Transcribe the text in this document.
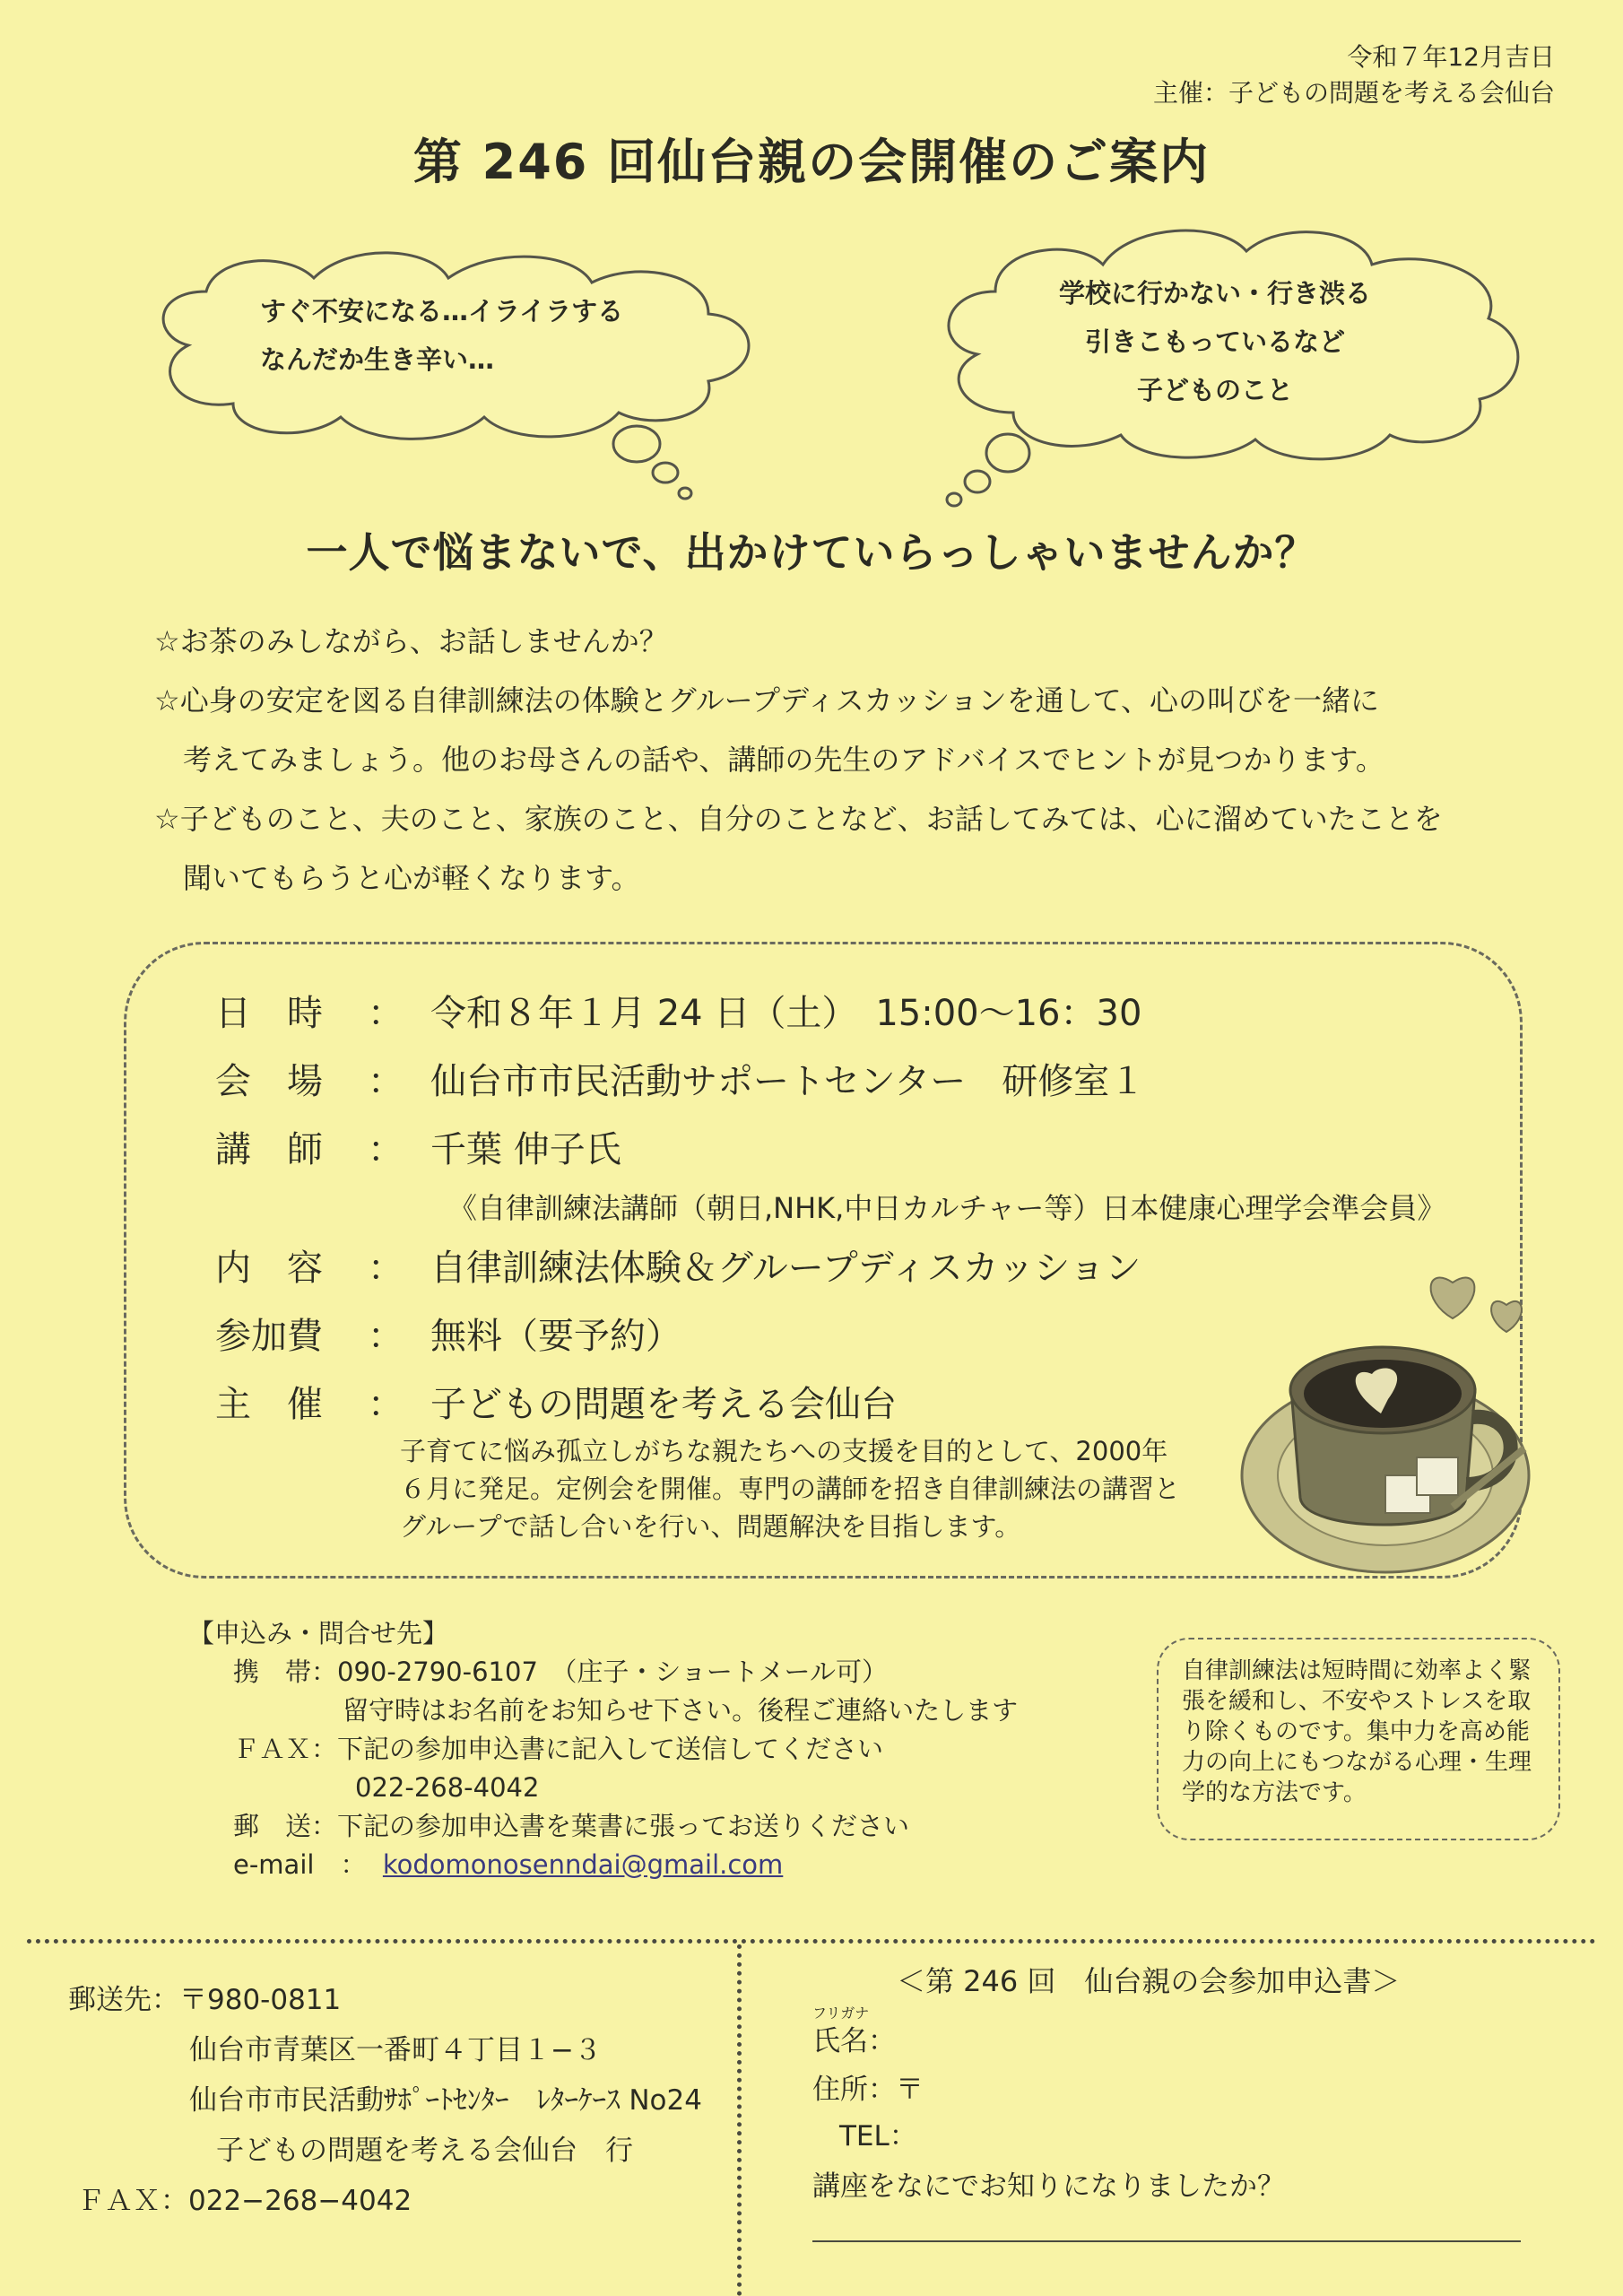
令和７年12月吉日
主催：子どもの問題を考える会仙台
第 246 回仙台親の会開催のご案内
すぐ不安になる…イライラする
なんだか生き辛い…
学校に行かない・行き渋る
引きこもっているなど
子どものこと
一人で悩まないで、出かけていらっしゃいませんか？

☆お茶のみしながら、お話しませんか？

☆心身の安定を図る自律訓練法の体験とグループディスカッションを通して、心の叫びを一緒に

考えてみましょう。他のお母さんの話や、講師の先生のアドバイスでヒントが見つかります。

☆子どものこと、夫のこと、家族のこと、自分のことなど、お話してみては、心に溜めていたことを

聞いてもらうと心が軽くなります。

日　時 ： 令和８年１月 24 日（土）　15:00～16：30
会　場 ： 仙台市市民活動サポートセンター　研修室１
講　師 ： 千葉 伸子氏
《自律訓練法講師（朝日,NHK,中日カルチャー等）日本健康心理学会準会員》
内　容 ： 自律訓練法体験＆グループディスカッション
参加費 ： 無料（要予約）
主　催 ： 子どもの問題を考える会仙台
子育てに悩み孤立しがちな親たちへの支援を目的として、2000年６月に発足。定例会を開催。専門の講師を招き自律訓練法の講習とグループで話し合いを行い、問題解決を目指します。
【申込み・問合せ先】
携　帯：090-2790-6107　（庄子・ショートメール可）
留守時はお名前をお知らせ下さい。後程ご連絡いたします
ＦＡＸ：下記の参加申込書に記入して送信してください
022-268-4042
郵　送：下記の参加申込書を葉書に張ってお送りください
e-mail　： kodomonosenndai@gmail.com
自律訓練法は短時間に効率よく緊張を緩和し、不安やストレスを取り除くものです。集中力を高め能力の向上にもつながる心理・生理学的な方法です。
郵送先：〒980-0811
仙台市青葉区一番町４丁目１−３
仙台市市民活動ｻﾎﾟｰﾄｾﾝﾀｰ　ﾚﾀｰｹｰｽ No24
子どもの問題を考える会仙台　行
ＦＡＸ：022−268−4042
＜第 246 回　仙台親の会参加申込書＞
フリガナ
氏名：
住所：〒
TEL：
講座をなにでお知りになりましたか？
